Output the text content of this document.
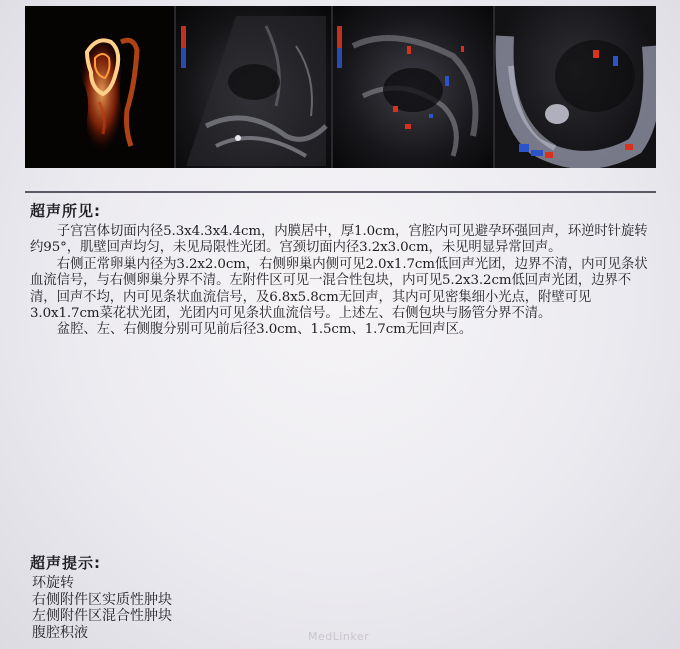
超声所见:

子宫宫体切面内径5.3x4.3x4.4cm，内膜居中，厚1.0cm，宫腔内可见避孕环强回声，环逆时针旋转约95°，肌壁回声均匀，未见局限性光团。宫颈切面内径3.2x3.0cm，未见明显异常回声。

右侧正常卵巢内径为3.2x2.0cm，右侧卵巢内侧可见2.0x1.7cm低回声光团，边界不清，内可见条状血流信号，与右侧卵巢分界不清。左附件区可见一混合性包块，内可见5.2x3.2cm低回声光团，边界不清，回声不均，内可见条状血流信号，及6.8x5.8cm无回声，其内可见密集细小光点，附壁可见3.0x1.7cm菜花状光团，光团内可见条状血流信号。上述左、右侧包块与肠管分界不清。

盆腔、左、右侧腹分别可见前后径3.0cm、1.5cm、1.7cm无回声区。

超声提示:
环旋转
右侧附件区实质性肿块
左侧附件区混合性肿块
腹腔积液	MedLinker
